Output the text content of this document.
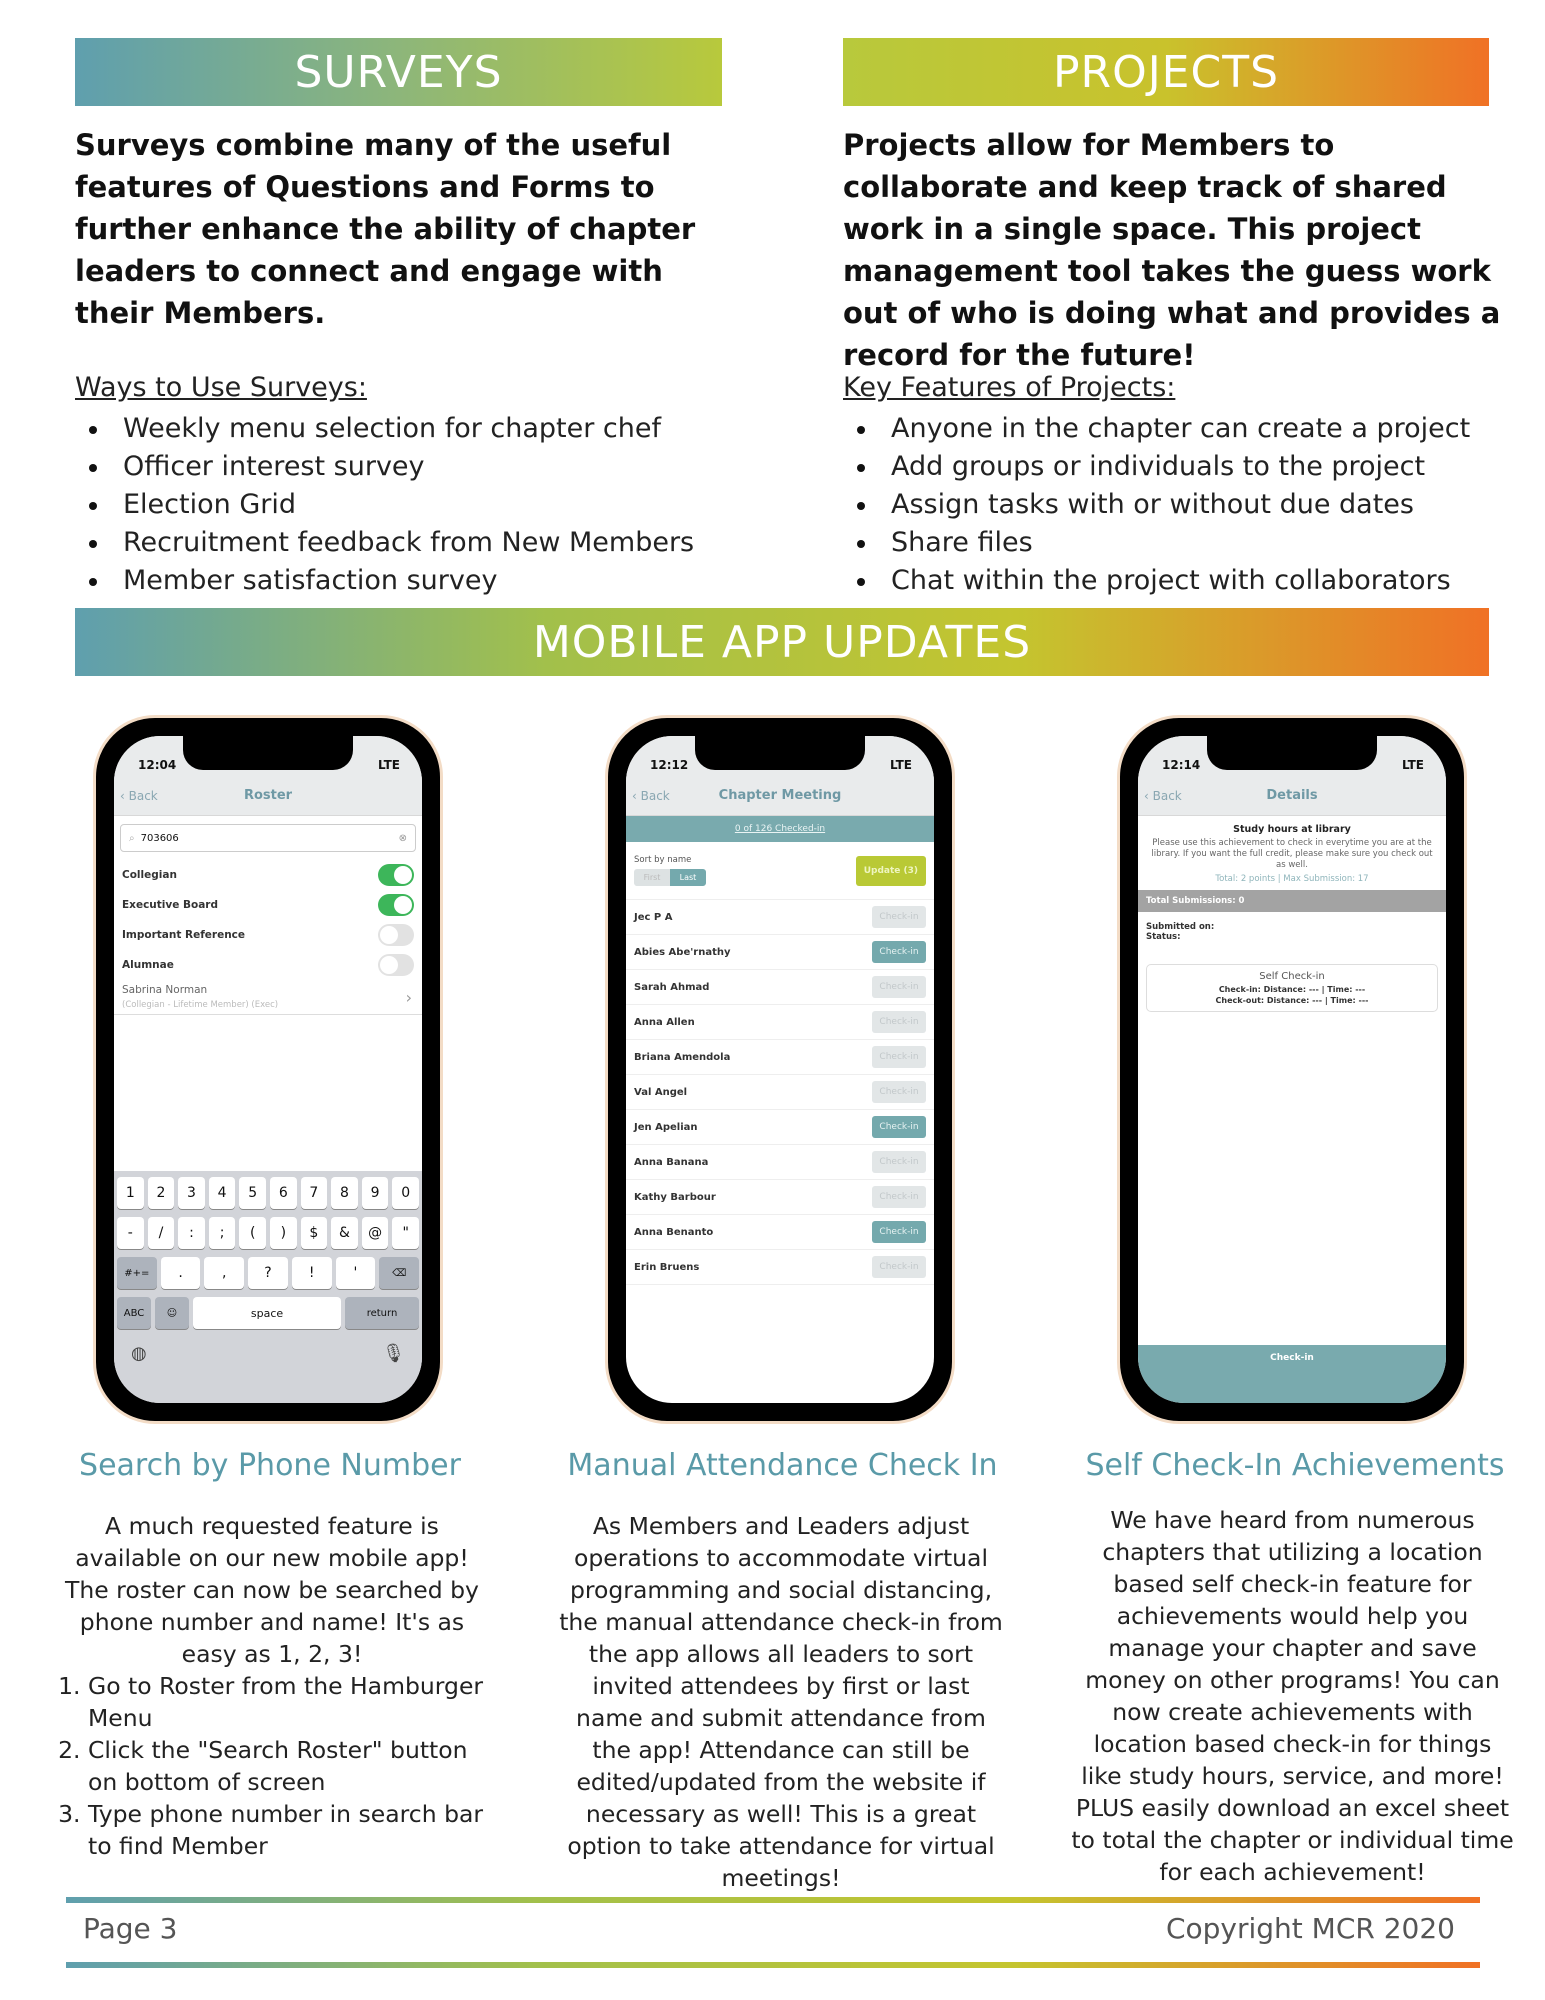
SURVEYS	PROJECTS
Surveys combine many of the useful features of Questions and Forms to further enhance the ability of chapter leaders to connect and engage with their Members.
Projects allow for Members to collaborate and keep track of shared work in a single space. This project management tool takes the guess work out of who is doing what and provides a record for the future!
Ways to Use Surveys:
Weekly menu selection for chapter chef
Officer interest survey
Election Grid
Recruitment feedback from New Members
Member satisfaction survey
Key Features of Projects:
Anyone in the chapter can create a project
Add groups or individuals to the project
Assign tasks with or without due dates
Share files
Chat within the project with collaborators
MOBILE APP UPDATES
12:04	LTE
‹ Back	Roster
⌕ 703606	⊗
Collegian
Executive Board
Important Reference
Alumnae
Sabrina Norman
(Collegian - Lifetime Member) (Exec)	›
1	2	3	4	5	6	7	8	9	0
-	/	:	;	(	)	$	&	@	"
#+=	.	,	?	!	'	⌫
ABC	☺	space	return
◍	🎙
12:12	LTE
‹ Back	Chapter Meeting
0 of 126 Checked-in
Sort by name
First	Last
Update (3)
Jec P A	Check-in
Abies Abe'rnathy	Check-in
Sarah Ahmad	Check-in
Anna Allen	Check-in
Briana Amendola	Check-in
Val Angel	Check-in
Jen Apelian	Check-in
Anna Banana	Check-in
Kathy Barbour	Check-in
Anna Benanto	Check-in
Erin Bruens	Check-in
12:14	LTE
‹ Back	Details
Study hours at library
Please use this achievement to check in everytime you are at the library. If you want the full credit, please make sure you check out as well.
Total: 2 points | Max Submission: 17
Total Submissions: 0
Submitted on:
Status:
Self Check-in
Check-in: Distance: --- | Time: ---
Check-out: Distance: --- | Time: ---
Check-in
Search by Phone Number	Manual Attendance Check In	Self Check-In Achievements
A much requested feature is available on our new mobile app! The roster can now be searched by phone number and name! It's as easy as 1, 2, 3!
1. Go to Roster from the Hamburger Menu
2. Click the "Search Roster" button on bottom of screen
3. Type phone number in search bar to find Member
As Members and Leaders adjust operations to accommodate virtual programming and social distancing, the manual attendance check-in from the app allows all leaders to sort invited attendees by first or last name and submit attendance from the app! Attendance can still be edited/updated from the website if necessary as well! This is a great option to take attendance for virtual meetings!
We have heard from numerous chapters that utilizing a location based self check-in feature for achievements would help you manage your chapter and save money on other programs! You can now create achievements with location based check-in for things like study hours, service, and more! PLUS easily download an excel sheet to total the chapter or individual time for each achievement!
Page 3	Copyright MCR 2020
